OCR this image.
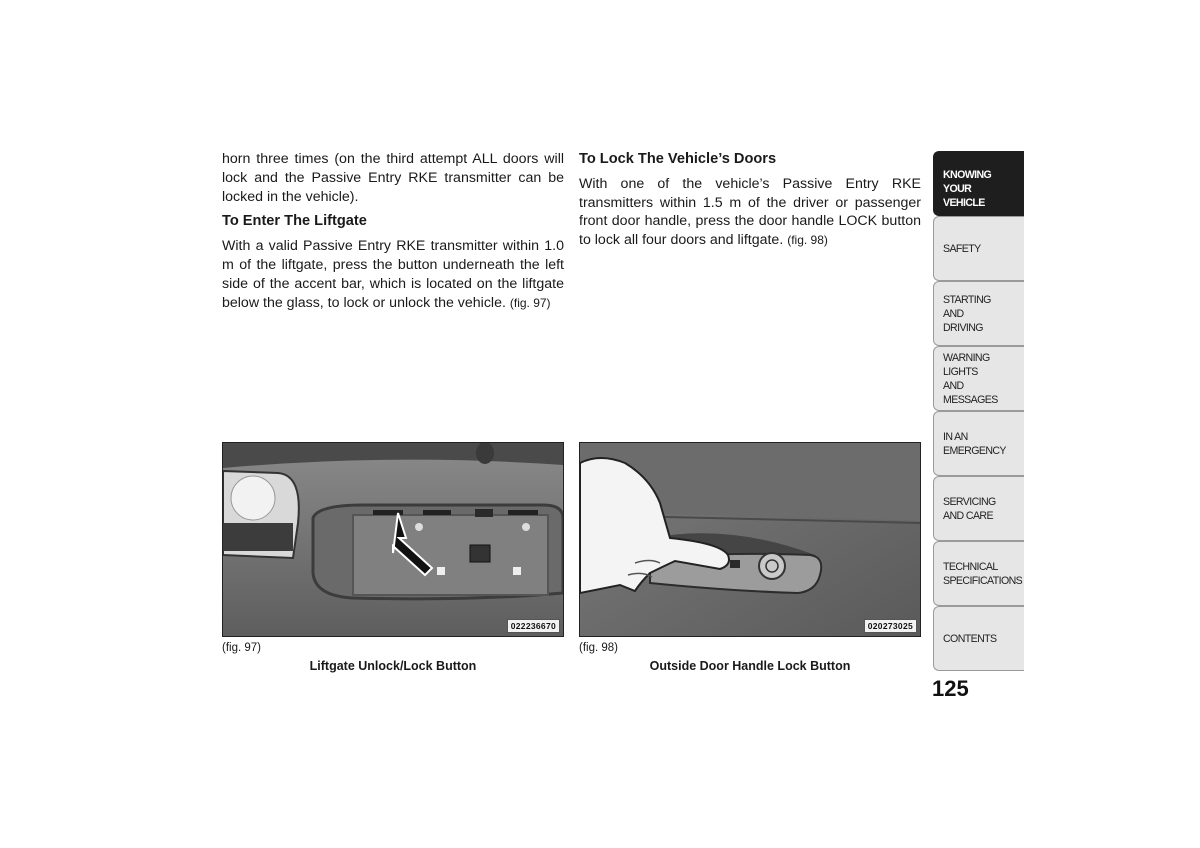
horn three times (on the third attempt ALL doors will lock and the Passive Entry RKE transmitter can be locked in the vehicle).

To Enter The Liftgate

With a valid Passive Entry RKE transmitter within 1.0 m of the liftgate, press the button underneath the left side of the accent bar, which is located on the liftgate below the glass, to lock or unlock the vehicle. (fig. 97)

To Lock The Vehicle’s Doors

With one of the vehicle’s Passive Entry RKE transmitters within 1.5 m of the driver or passenger front door handle, press the door handle LOCK button to lock all four doors and liftgate. (fig. 98)

022236670	020273025
(fig. 97)
Liftgate Unlock/Lock Button
(fig. 98)
Outside Door Handle Lock Button
KNOWING
YOUR
VEHICLE
SAFETY
STARTING
AND
DRIVING
WARNING
LIGHTS
AND
MESSAGES
IN AN
EMERGENCY
SERVICING
AND CARE
TECHNICAL
SPECIFICATIONS
CONTENTS
125
